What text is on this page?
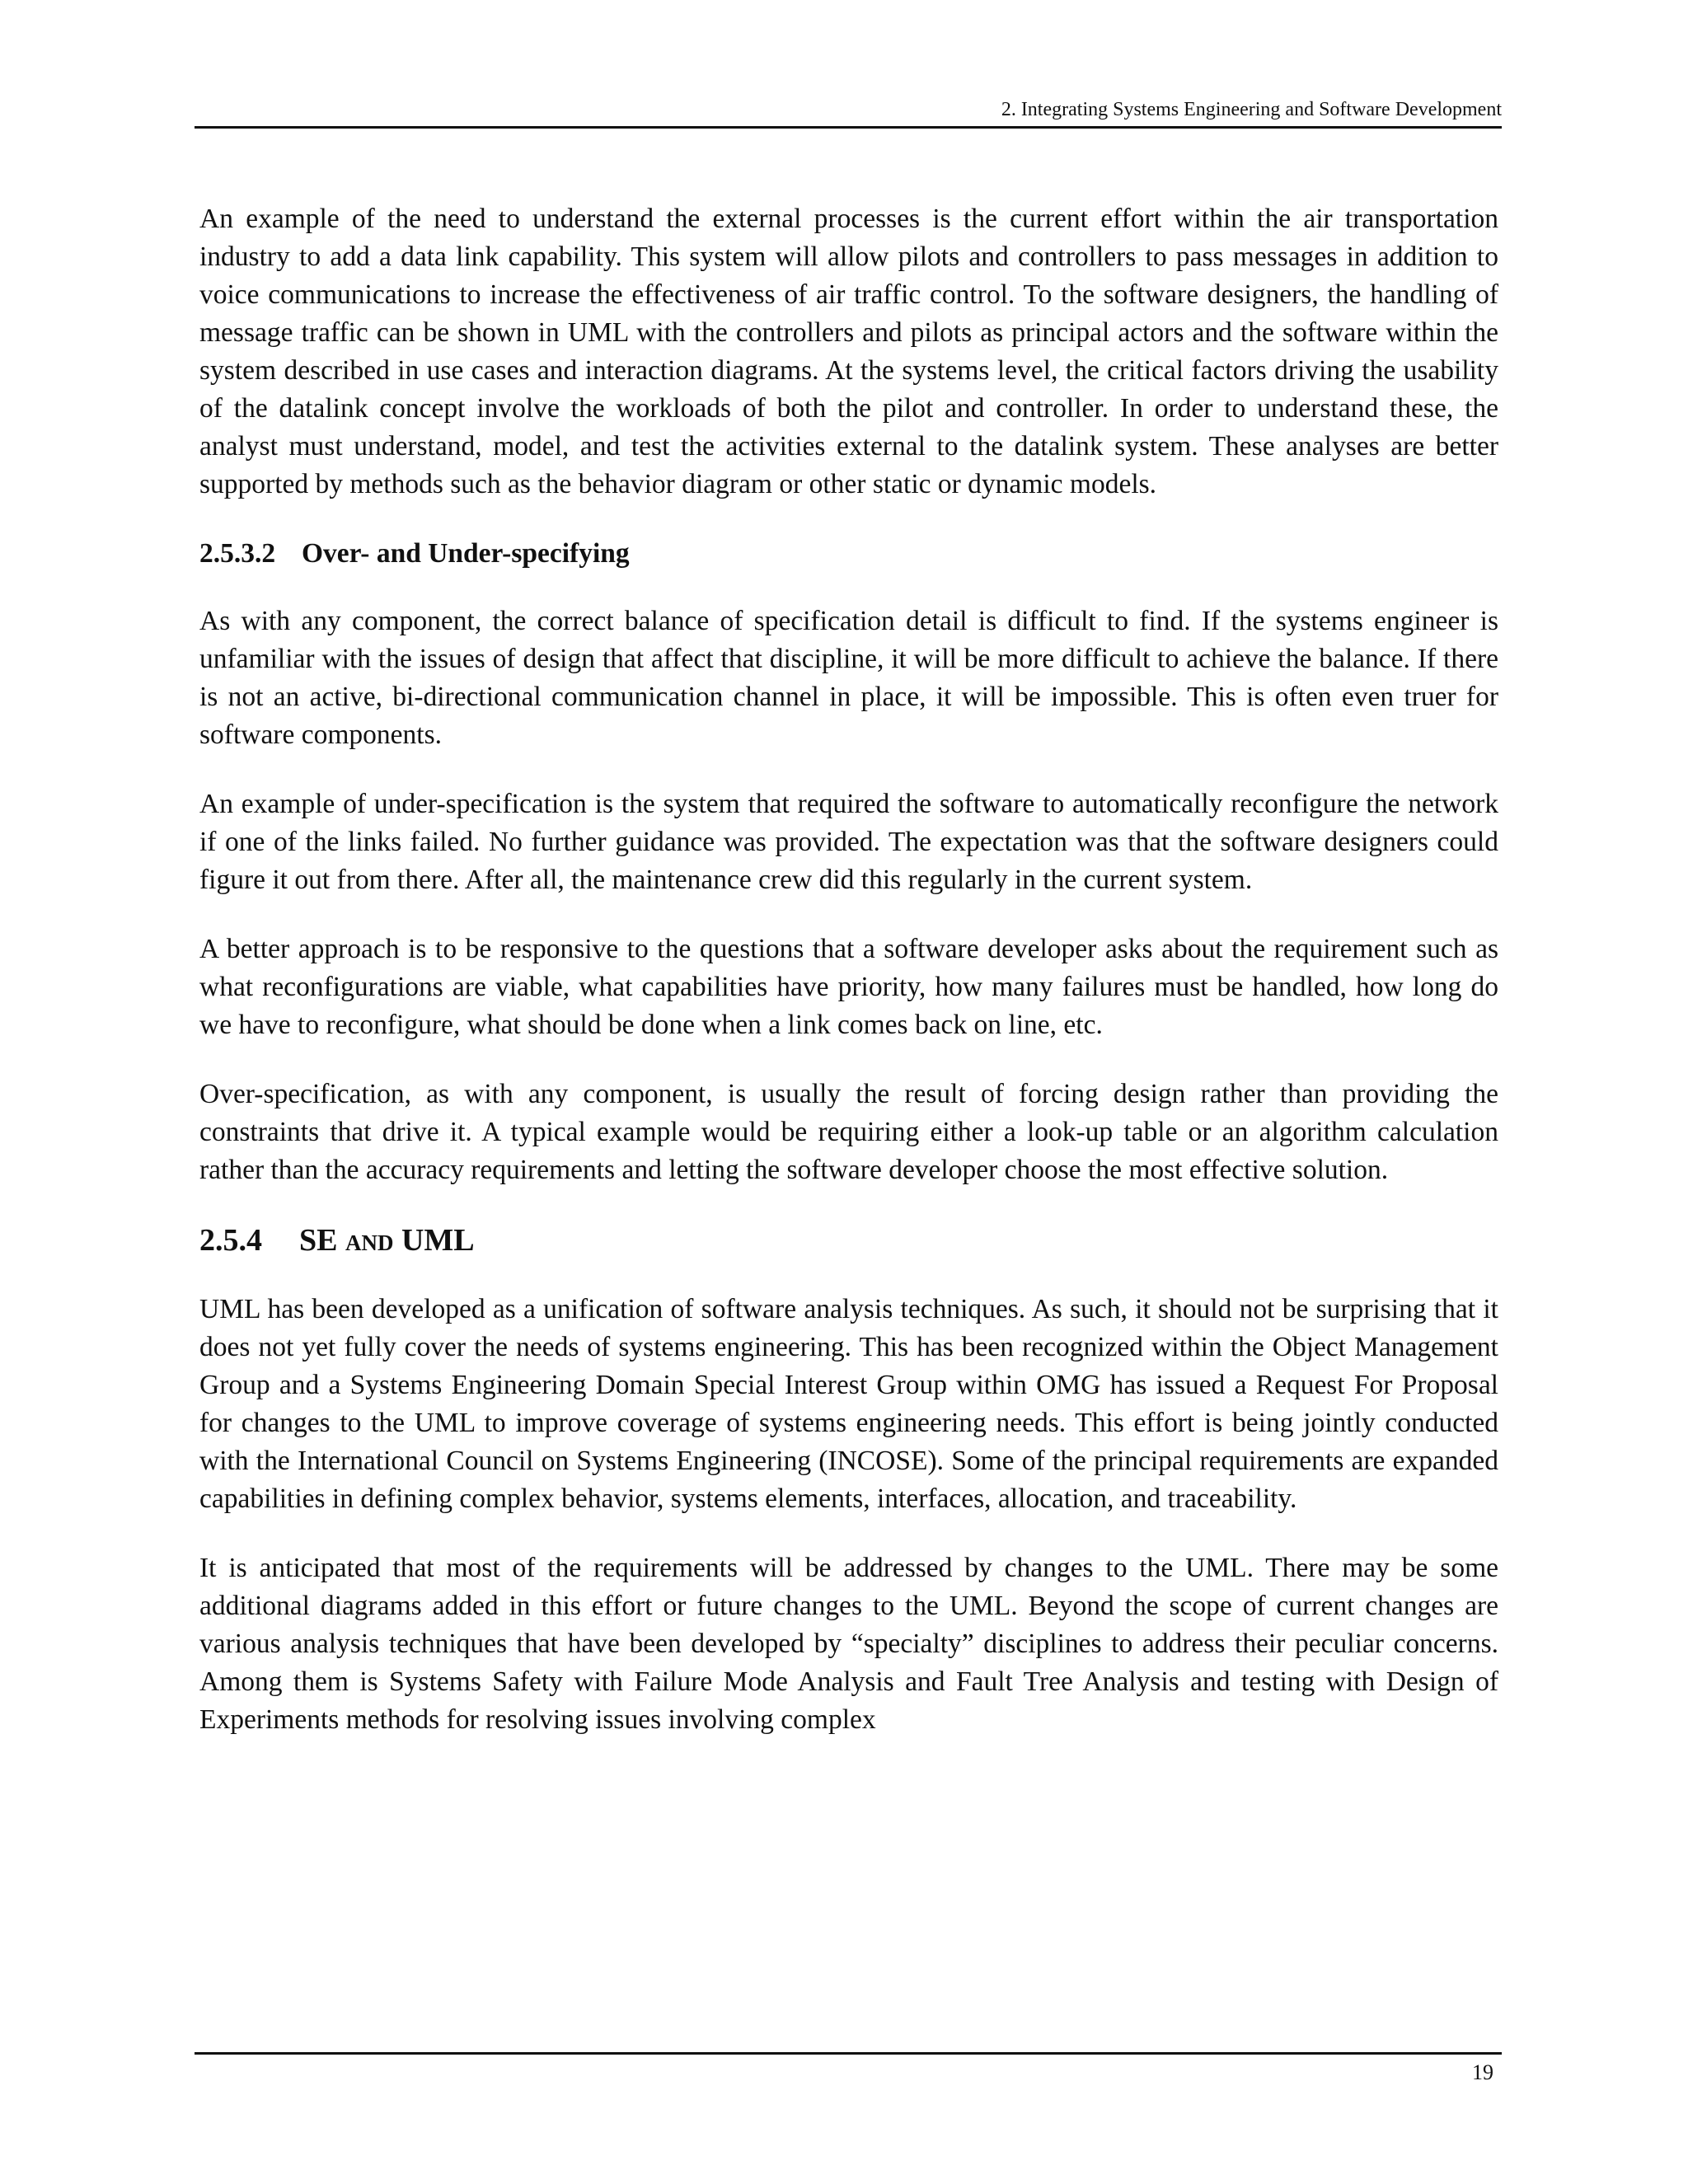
2. Integrating Systems Engineering and Software Development

An example of the need to understand the external processes is the current effort within the air transportation industry to add a data link capability. This system will allow pilots and controllers to pass messages in addition to voice communications to increase the effectiveness of air traffic control. To the software designers, the handling of message traffic can be shown in UML with the controllers and pilots as principal actors and the software within the system described in use cases and interaction diagrams. At the systems level, the critical factors driving the usability of the datalink concept involve the workloads of both the pilot and controller. In order to understand these, the analyst must understand, model, and test the activities external to the datalink system. These analyses are better supported by methods such as the behavior diagram or other static or dynamic models.

2.5.3.2 Over- and Under-specifying

As with any component, the correct balance of specification detail is difficult to find. If the systems engineer is unfamiliar with the issues of design that affect that discipline, it will be more difficult to achieve the balance. If there is not an active, bi-directional communication channel in place, it will be impossible. This is often even truer for software components.

An example of under-specification is the system that required the software to automatically reconfigure the network if one of the links failed. No further guidance was provided. The expectation was that the software designers could figure it out from there. After all, the maintenance crew did this regularly in the current system.

A better approach is to be responsive to the questions that a software developer asks about the requirement such as what reconfigurations are viable, what capabilities have priority, how many failures must be handled, how long do we have to reconfigure, what should be done when a link comes back on line, etc.

Over-specification, as with any component, is usually the result of forcing design rather than providing the constraints that drive it. A typical example would be requiring either a look-up table or an algorithm calculation rather than the accuracy requirements and letting the software developer choose the most effective solution.

2.5.4 SE AND UML

UML has been developed as a unification of software analysis techniques. As such, it should not be surprising that it does not yet fully cover the needs of systems engineering. This has been recognized within the Object Management Group and a Systems Engineering Domain Special Interest Group within OMG has issued a Request For Proposal for changes to the UML to improve coverage of systems engineering needs. This effort is being jointly conducted with the International Council on Systems Engineering (INCOSE). Some of the principal requirements are expanded capabilities in defining complex behavior, systems elements, interfaces, allocation, and traceability.

It is anticipated that most of the requirements will be addressed by changes to the UML. There may be some additional diagrams added in this effort or future changes to the UML. Beyond the scope of current changes are various analysis techniques that have been developed by “specialty” disciplines to address their peculiar concerns. Among them is Systems Safety with Failure Mode Analysis and Fault Tree Analysis and testing with Design of Experiments methods for resolving issues involving complex

19
